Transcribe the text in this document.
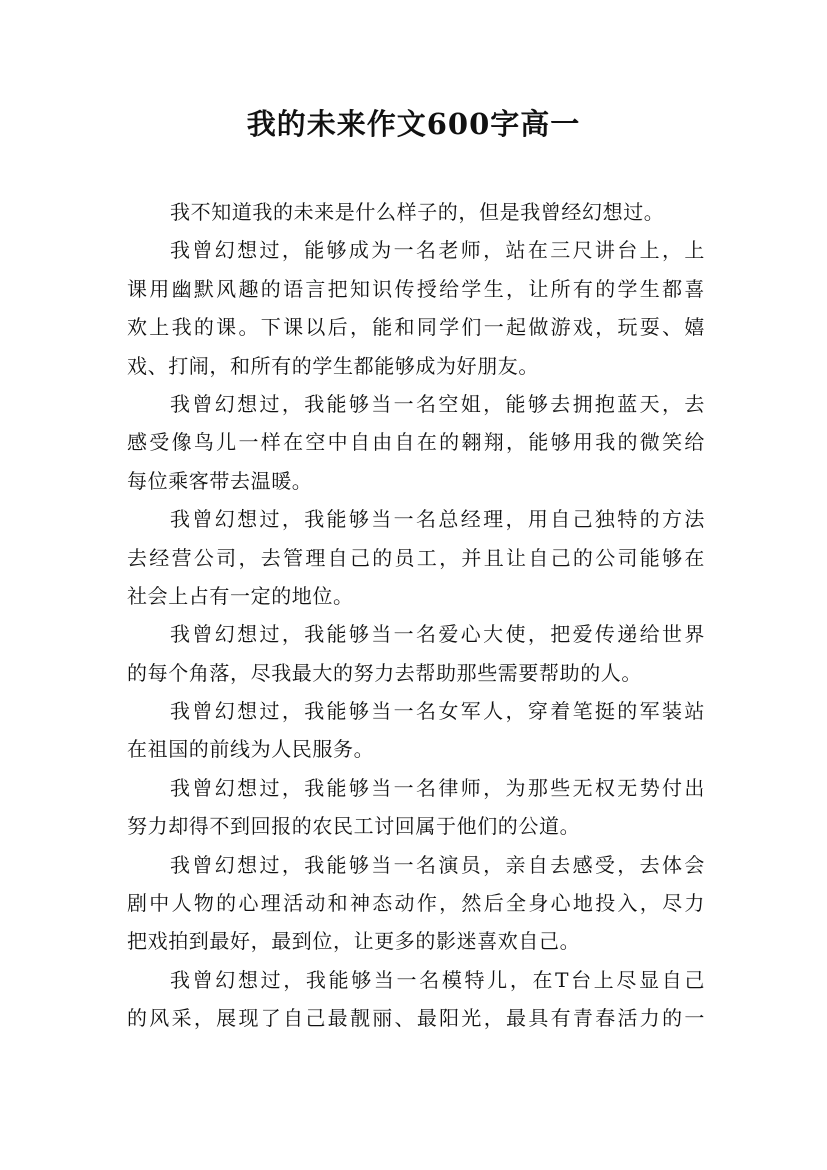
我的未来作文600字高一
我不知道我的未来是什么样子的，但是我曾经幻想过。
我曾幻想过，能够成为一名老师，站在三尺讲台上，上
课用幽默风趣的语言把知识传授给学生，让所有的学生都喜
欢上我的课。下课以后，能和同学们一起做游戏，玩耍、嬉
戏、打闹，和所有的学生都能够成为好朋友。
我曾幻想过，我能够当一名空姐，能够去拥抱蓝天，去
感受像鸟儿一样在空中自由自在的翱翔，能够用我的微笑给
每位乘客带去温暖。
我曾幻想过，我能够当一名总经理，用自己独特的方法
去经营公司，去管理自己的员工，并且让自己的公司能够在
社会上占有一定的地位。
我曾幻想过，我能够当一名爱心大使，把爱传递给世界
的每个角落，尽我最大的努力去帮助那些需要帮助的人。
我曾幻想过，我能够当一名女军人，穿着笔挺的军装站
在祖国的前线为人民服务。
我曾幻想过，我能够当一名律师，为那些无权无势付出
努力却得不到回报的农民工讨回属于他们的公道。
我曾幻想过，我能够当一名演员，亲自去感受，去体会
剧中人物的心理活动和神态动作，然后全身心地投入，尽力
把戏拍到最好，最到位，让更多的影迷喜欢自己。
我曾幻想过，我能够当一名模特儿，在T台上尽显自己
的风采，展现了自己最靓丽、最阳光，最具有青春活力的一
